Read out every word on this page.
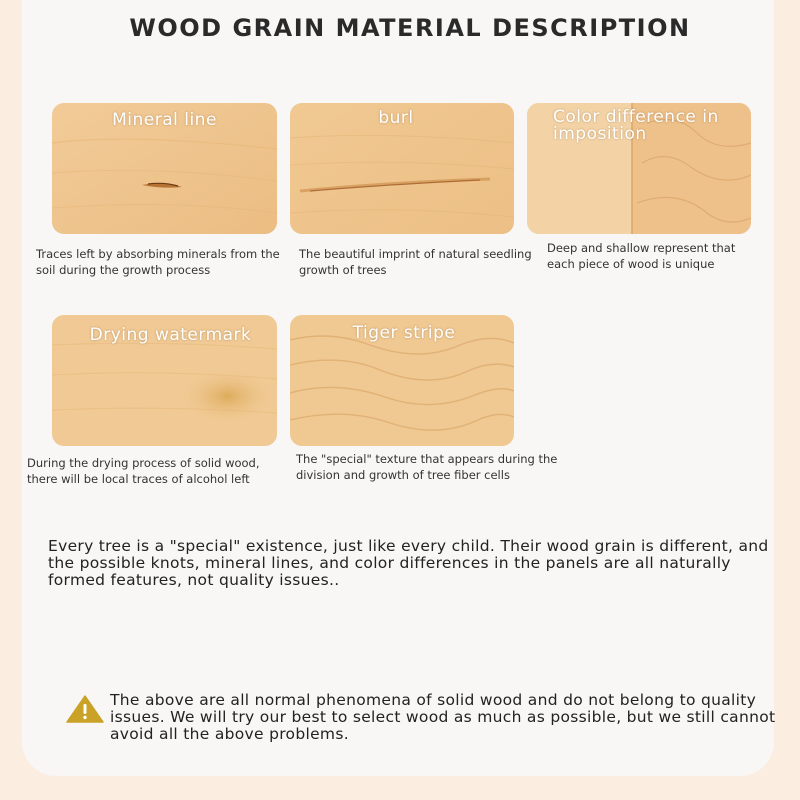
WOOD GRAIN MATERIAL DESCRIPTION
Mineral line

Traces left by absorbing minerals from the soil during the growth process

burl

The beautiful imprint of natural seedling growth of trees

Color difference in imposition

Deep and shallow represent that each piece of wood is unique

Drying watermark

During the drying process of solid wood, there will be local traces of alcohol left

Tiger stripe

The "special" texture that appears during the division and growth of tree fiber cells

Every tree is a "special" existence, just like every child. Their wood grain is different, and the possible knots, mineral lines, and color differences in the panels are all naturally formed features, not quality issues..

The above are all normal phenomena of solid wood and do not belong to quality issues. We will try our best to select wood as much as possible, but we still cannot avoid all the above problems.
